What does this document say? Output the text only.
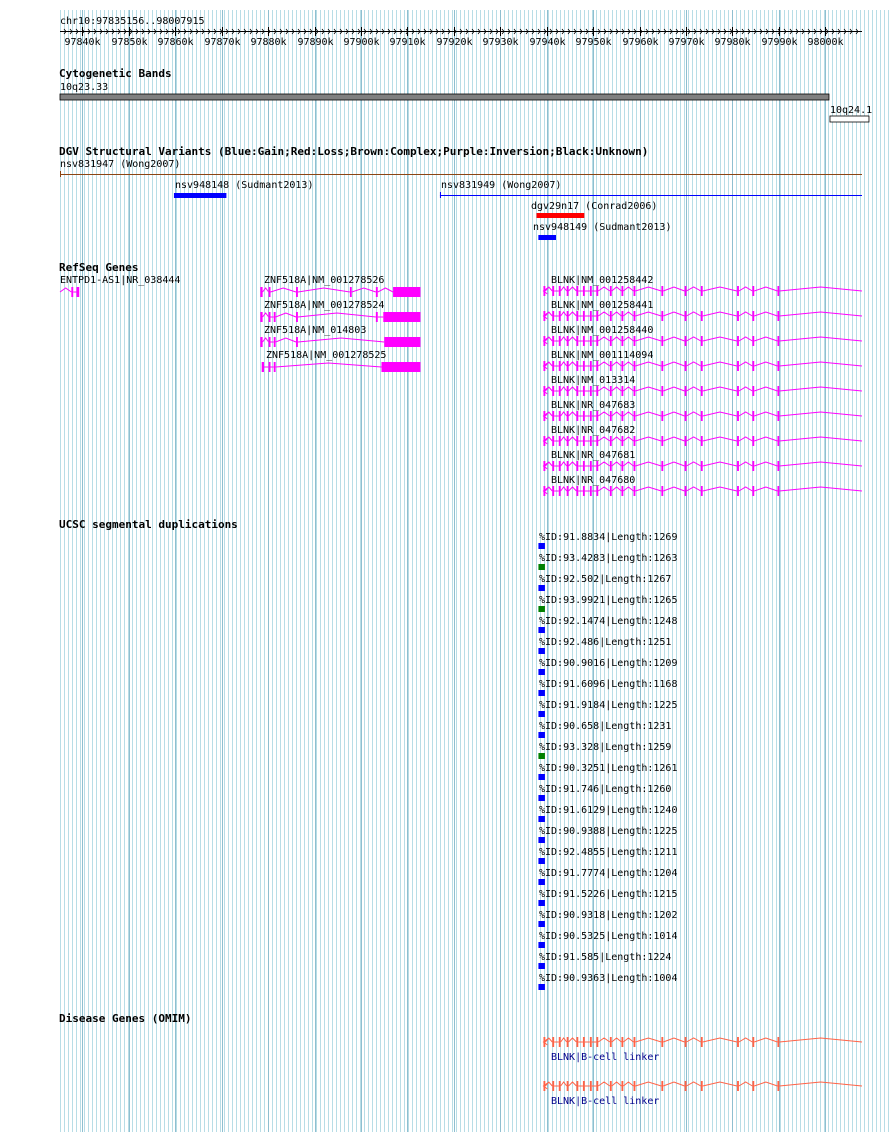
chr10:97835156..98007915
97840k 97850k 97860k 97870k 97880k 97890k 97900k 97910k 97920k 97930k 97940k 97950k 97960k 97970k 97980k 97990k 98000k
Cytogenetic Bands
10q23.33
10q24.1
DGV Structural Variants (Blue:Gain;Red:Loss;Brown:Complex;Purple:Inversion;Black:Unknown)
nsv831947 (Wong2007)
nsv948148 (Sudmant2013)	nsv831949 (Wong2007)
dgv29n17 (Conrad2006)
nsv948149 (Sudmant2013)
RefSeq Genes
ENTPD1-AS1|NR_038444	ZNF518A|NM_001278526
ZNF518A|NM_001278524
ZNF518A|NM_014803
ZNF518A|NM_001278525
BLNK|NM_001258442
BLNK|NM_001258441
BLNK|NM_001258440
BLNK|NM_001114094
BLNK|NM_013314
BLNK|NR_047683
BLNK|NR_047682
BLNK|NR_047681
BLNK|NR_047680
UCSC segmental duplications
%ID:91.8834|Length:1269
%ID:93.4283|Length:1263
%ID:92.502|Length:1267
%ID:93.9921|Length:1265
%ID:92.1474|Length:1248
%ID:92.486|Length:1251
%ID:90.9016|Length:1209
%ID:91.6096|Length:1168
%ID:91.9184|Length:1225
%ID:90.658|Length:1231
%ID:93.328|Length:1259
%ID:90.3251|Length:1261
%ID:91.746|Length:1260
%ID:91.6129|Length:1240
%ID:90.9388|Length:1225
%ID:92.4855|Length:1211
%ID:91.7774|Length:1204
%ID:91.5226|Length:1215
%ID:90.9318|Length:1202
%ID:90.5325|Length:1014
%ID:91.585|Length:1224
%ID:90.9363|Length:1004
Disease Genes (OMIM)
BLNK|B-cell linker
BLNK|B-cell linker
